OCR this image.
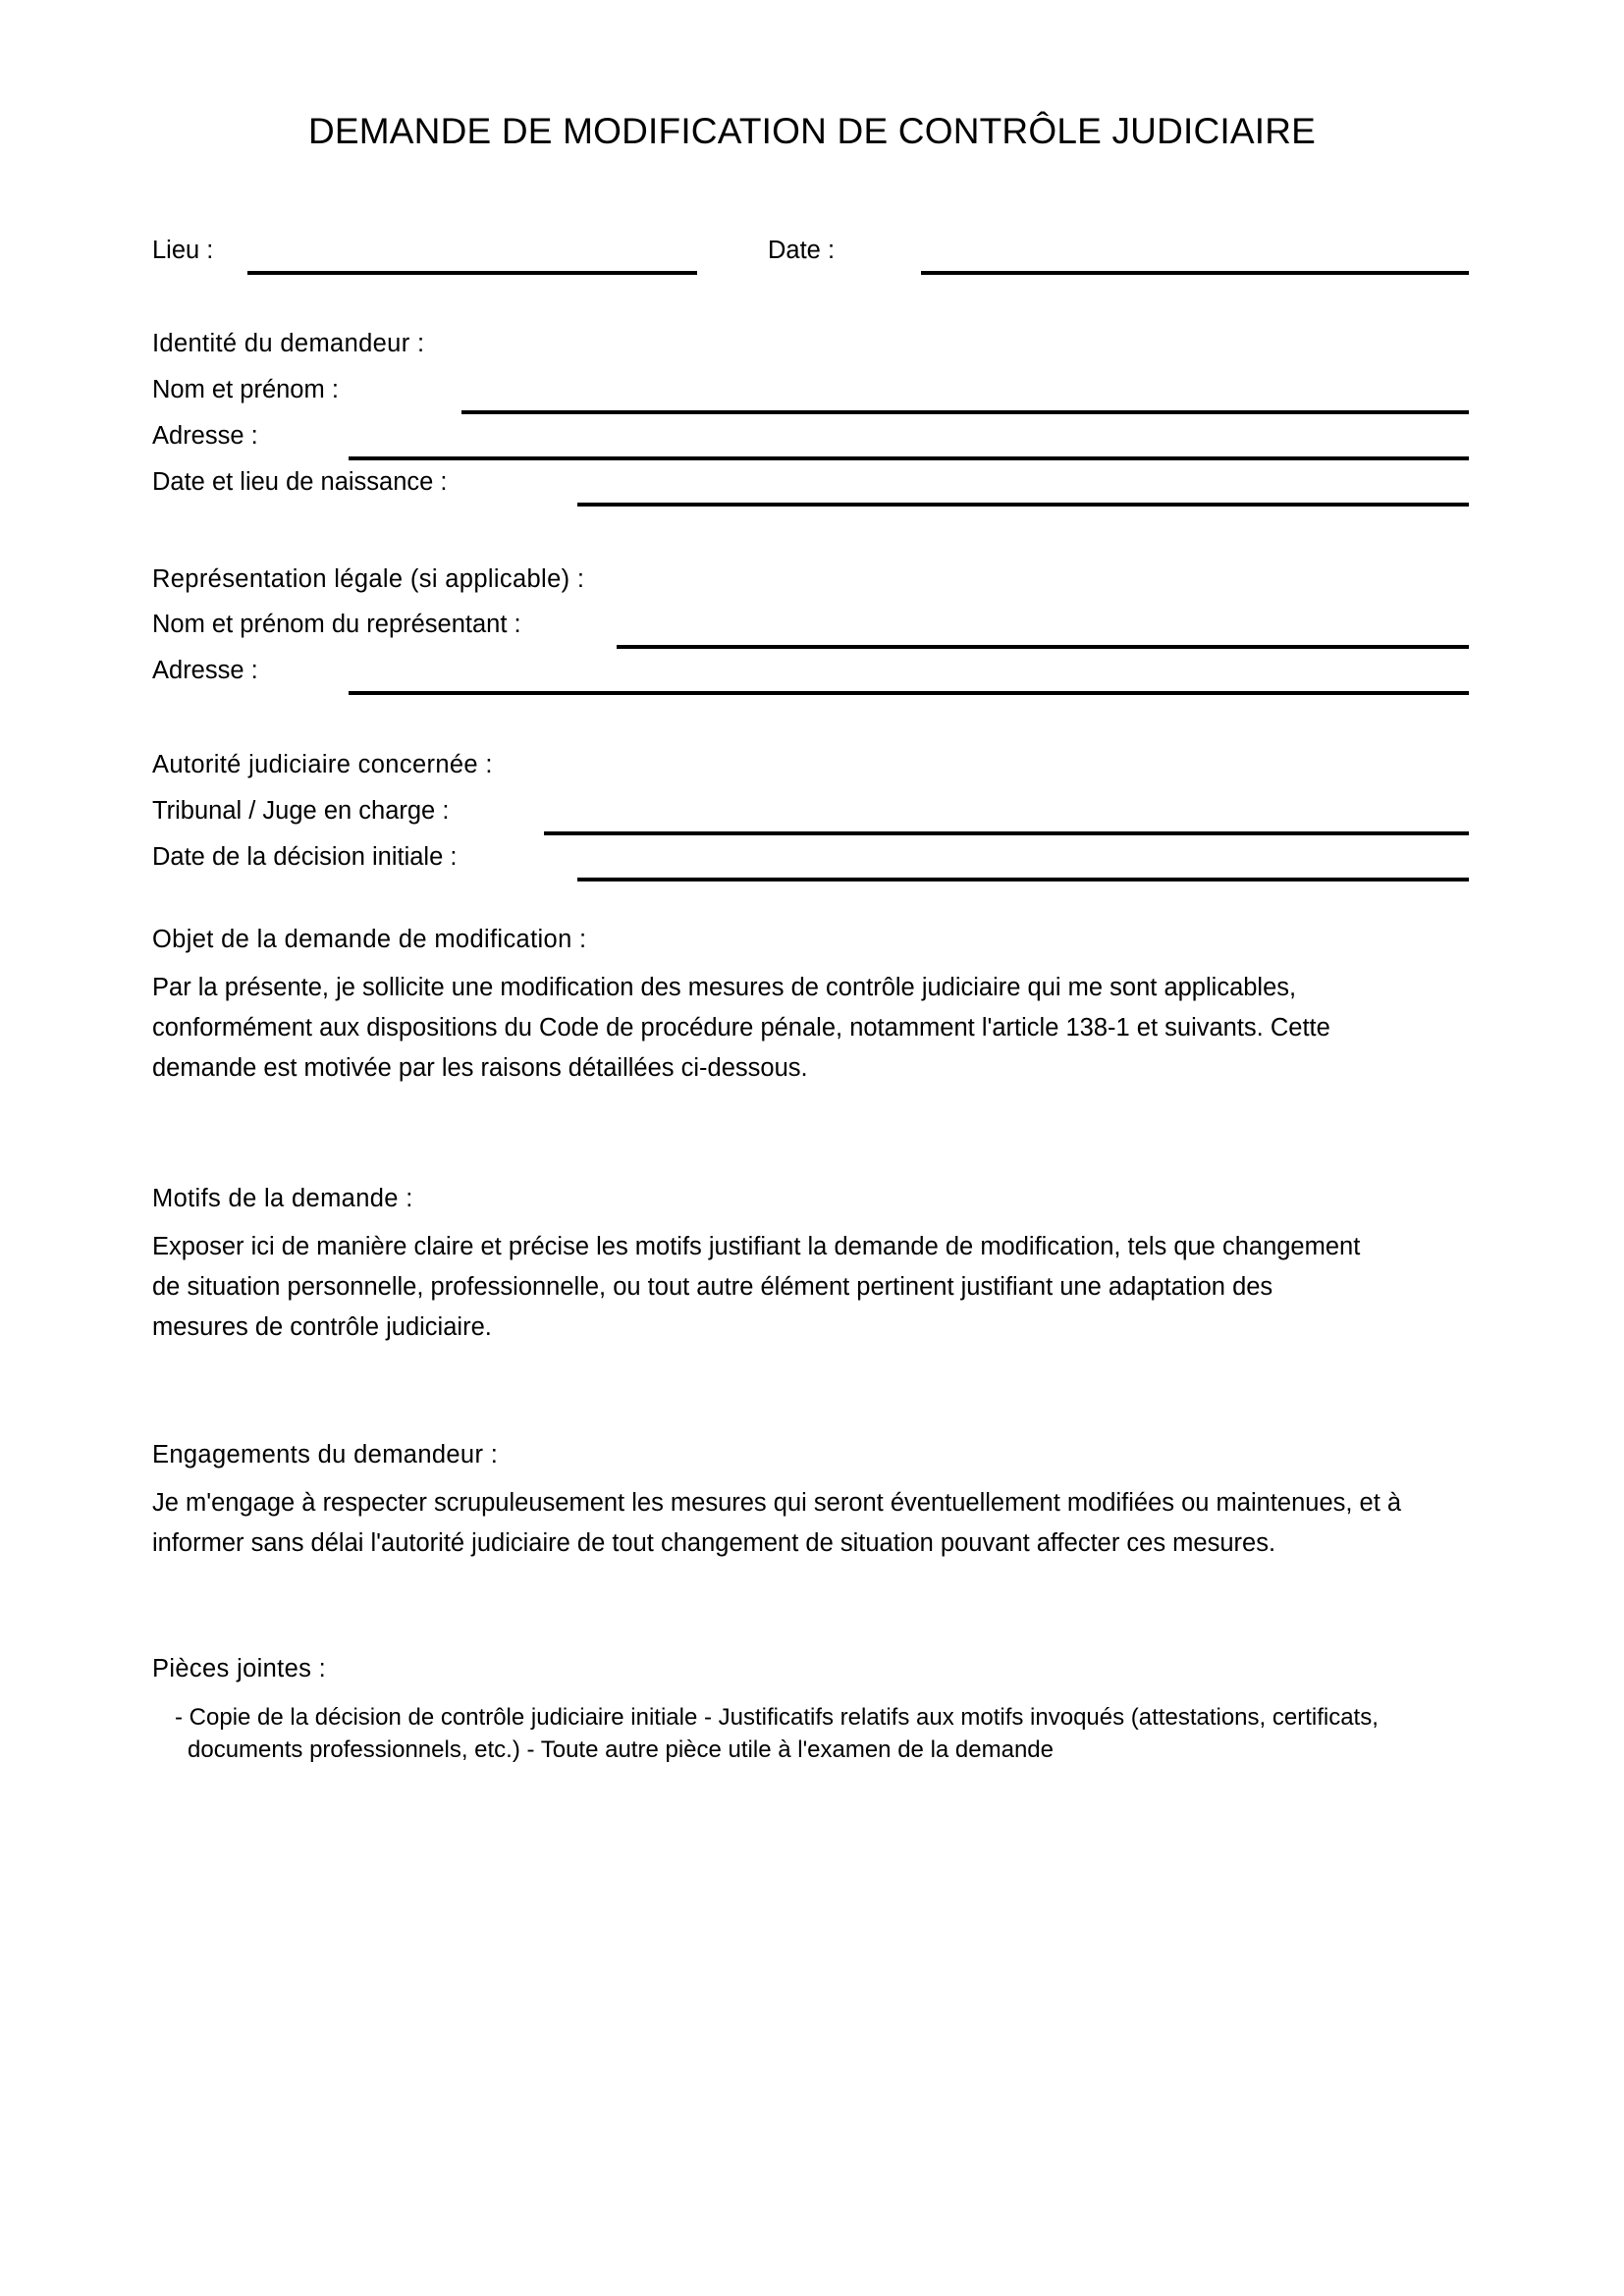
DEMANDE DE MODIFICATION DE CONTRÔLE JUDICIAIRE
Lieu :	Date :
Identité du demandeur :
Nom et prénom :
Adresse :
Date et lieu de naissance :
Représentation légale (si applicable) :
Nom et prénom du représentant :
Adresse :
Autorité judiciaire concernée :
Tribunal / Juge en charge :
Date de la décision initiale :
Objet de la demande de modification :
Par la présente, je sollicite une modification des mesures de contrôle judiciaire qui me sont applicables, conformément aux dispositions du Code de procédure pénale, notamment l'article 138-1 et suivants. Cette demande est motivée par les raisons détaillées ci-dessous.
Motifs de la demande :
Exposer ici de manière claire et précise les motifs justifiant la demande de modification, tels que changement de situation personnelle, professionnelle, ou tout autre élément pertinent justifiant une adaptation des mesures de contrôle judiciaire.
Engagements du demandeur :
Je m'engage à respecter scrupuleusement les mesures qui seront éventuellement modifiées ou maintenues, et à informer sans délai l'autorité judiciaire de tout changement de situation pouvant affecter ces mesures.
Pièces jointes :
- Copie de la décision de contrôle judiciaire initiale - Justificatifs relatifs aux motifs invoqués (attestations, certificats, documents professionnels, etc.) - Toute autre pièce utile à l'examen de la demande
